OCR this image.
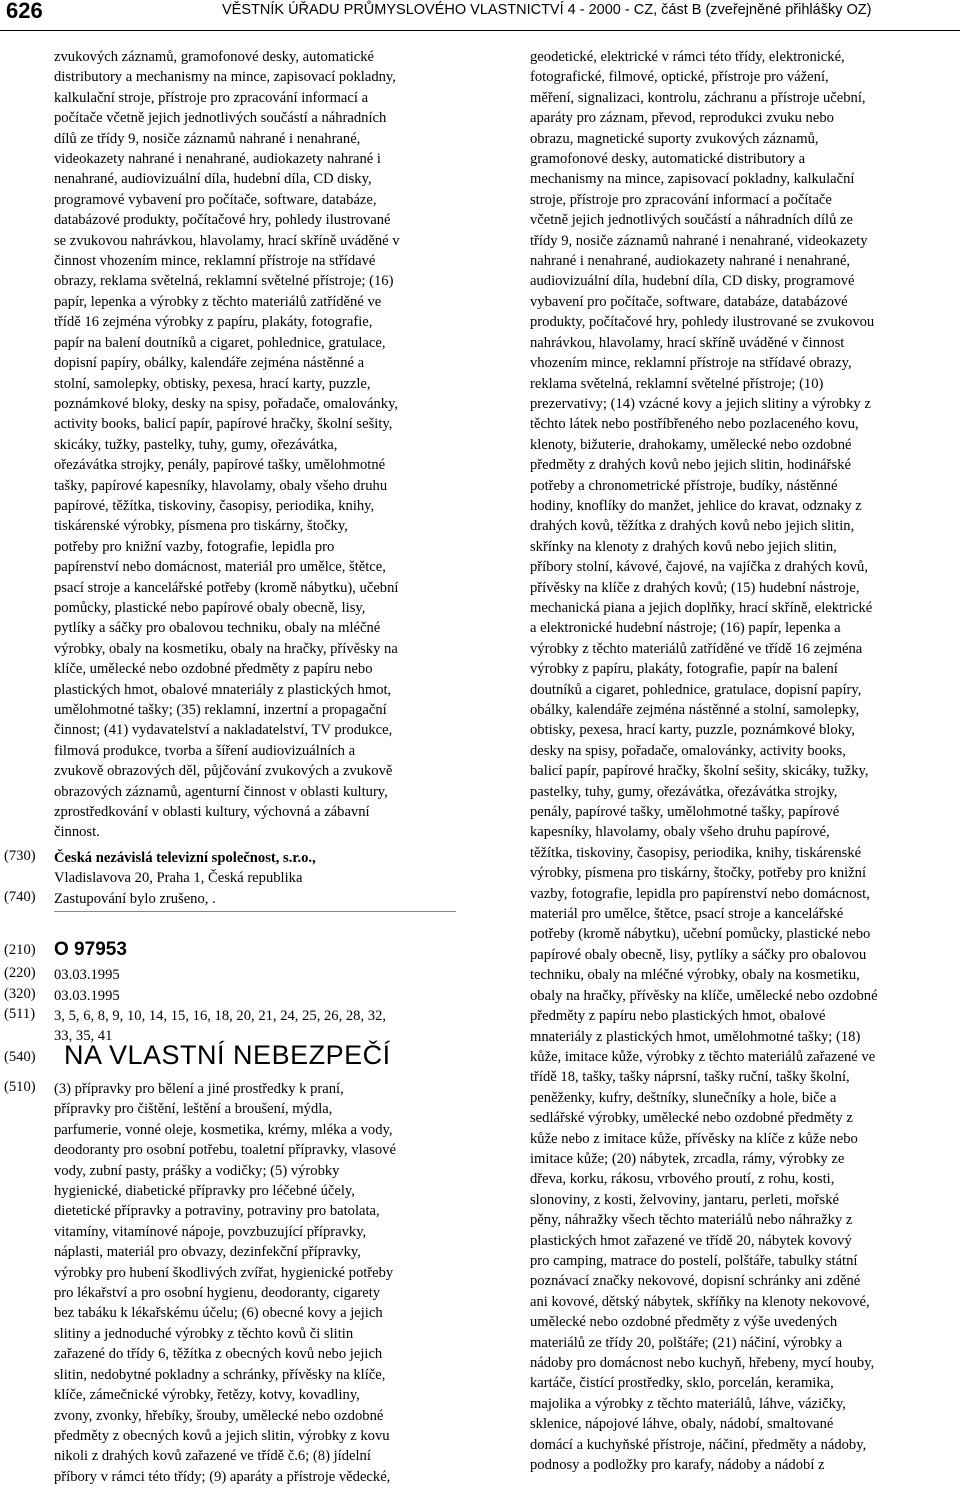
626	VĚSTNÍK ÚŘADU PRŮMYSLOVÉHO VLASTNICTVÍ 4 - 2000 - CZ, část B (zveřejněné přihlášky OZ)
zvukových záznamů, gramofonové desky, automatické
distributory a mechanismy na mince, zapisovací pokladny,
kalkulační stroje, přístroje pro zpracování informací a
počítače včetně jejich jednotlivých součástí a náhradních
dílů ze třídy 9, nosiče záznamů nahrané i nenahrané,
videokazety nahrané i nenahrané, audiokazety nahrané i
nenahrané, audiovizuální díla, hudební díla, CD disky,
programové vybavení pro počítače, software, databáze,
databázové produkty, počítačové hry, pohledy ilustrované
se zvukovou nahrávkou, hlavolamy, hrací skříně uváděné v
činnost vhozením mince, reklamní přístroje na střídavé
obrazy, reklama světelná, reklamní světelné přístroje; (16)
papír, lepenka a výrobky z těchto materiálů zatříděné ve
třídě 16 zejména výrobky z papíru, plakáty, fotografie,
papír na balení doutníků a cigaret, pohlednice, gratulace,
dopisní papíry, obálky, kalendáře zejména nástěnné a
stolní, samolepky, obtisky, pexesa, hrací karty, puzzle,
poznámkové bloky, desky na spisy, pořadače, omalovánky,
activity books, balicí papír, papírové hračky, školní sešity,
skicáky, tužky, pastelky, tuhy, gumy, ořezávátka,
ořezávátka strojky, penály, papírové tašky, umělohmotné
tašky, papírové kapesníky, hlavolamy, obaly všeho druhu
papírové, těžítka, tiskoviny, časopisy, periodika, knihy,
tiskárenské výrobky, písmena pro tiskárny, štočky,
potřeby pro knižní vazby, fotografie, lepidla pro
papírenství nebo domácnost, materiál pro umělce, štětce,
psací stroje a kancelářské potřeby (kromě nábytku), učební
pomůcky, plastické nebo papírové obaly obecně, lisy,
pytlíky a sáčky pro obalovou techniku, obaly na mléčné
výrobky, obaly na kosmetiku, obaly na hračky, přívěsky na
klíče, umělecké nebo ozdobné předměty z papíru nebo
plastických hmot, obalové mnateriály z plastických hmot,
umělohmotné tašky; (35) reklamní, inzertní a propagační
činnost; (41) vydavatelství a nakladatelství, TV produkce,
filmová produkce, tvorba a šíření audiovizuálních a
zvukově obrazových děl, půjčování zvukových a zvukově
obrazových záznamů, agenturní činnost v oblasti kultury,
zprostředkování v oblasti kultury, výchovná a zábavní
činnost.
(730)	Česká nezávislá televizní společnost, s.r.o.,
Vladislavova 20, Praha 1, Česká republika
(740)	Zastupování bylo zrušeno, .
(210) O 97953
(220)	03.03.1995
(320)	03.03.1995
(511)	3, 5, 6, 8, 9, 10, 14, 15, 16, 18, 20, 21, 24, 25, 26, 28, 32,
33, 35, 41
(540)	NA VLASTNÍ NEBEZPEČÍ
(510)	(3) přípravky pro bělení a jiné prostředky k praní,
přípravky pro čištění, leštění a broušení, mýdla,
parfumerie, vonné oleje, kosmetika, krémy, mléka a vody,
deodoranty pro osobní potřebu, toaletní přípravky, vlasové
vody, zubní pasty, prášky a vodičky; (5) výrobky
hygienické, diabetické přípravky pro léčebné účely,
dietetické přípravky a potraviny, potraviny pro batolata,
vitamíny, vitamínové nápoje, povzbuzující přípravky,
náplasti, materiál pro obvazy, dezinfekční přípravky,
výrobky pro hubení škodlivých zvířat, hygienické potřeby
pro lékařství a pro osobní hygienu, deodoranty, cigarety
bez tabáku k lékařskému účelu; (6) obecné kovy a jejich
slitiny a jednoduché výrobky z těchto kovů či slitin
zařazené do třídy 6, těžítka z obecných kovů nebo jejich
slitin, nedobytné pokladny a schránky, přívěsky na klíče,
klíče, zámečnické výrobky, řetězy, kotvy, kovadliny,
zvony, zvonky, hřebíky, šrouby, umělecké nebo ozdobné
předměty z obecných kovů a jejich slitin, výrobky z kovu
nikoli z drahých kovů zařazené ve třídě č.6; (8) jídelní
příbory v rámci této třídy; (9) aparáty a přístroje vědecké,
geodetické, elektrické v rámci této třídy, elektronické,
fotografické, filmové, optické, přístroje pro vážení,
měření, signalizaci, kontrolu, záchranu a přístroje učební,
aparáty pro záznam, převod, reprodukci zvuku nebo
obrazu, magnetické suporty zvukových záznamů,
gramofonové desky, automatické distributory a
mechanismy na mince, zapisovací pokladny, kalkulační
stroje, přístroje pro zpracování informací a počítače
včetně jejich jednotlivých součástí a náhradních dílů ze
třídy 9, nosiče záznamů nahrané i nenahrané, videokazety
nahrané i nenahrané, audiokazety nahrané i nenahrané,
audiovizuální díla, hudební díla, CD disky, programové
vybavení pro počítače, software, databáze, databázové
produkty, počítačové hry, pohledy ilustrované se zvukovou
nahrávkou, hlavolamy, hrací skříně uváděné v činnost
vhozením mince, reklamní přístroje na střídavé obrazy,
reklama světelná, reklamní světelné přístroje; (10)
prezervativy; (14) vzácné kovy a jejich slitiny a výrobky z
těchto látek nebo postříbřeného nebo pozlaceného kovu,
klenoty, bižuterie, drahokamy, umělecké nebo ozdobné
předměty z drahých kovů nebo jejich slitin, hodinářské
potřeby a chronometrické přístroje, budíky, nástěnné
hodiny, knoflíky do manžet, jehlice do kravat, odznaky z
drahých kovů, těžítka z drahých kovů nebo jejich slitin,
skřínky na klenoty z drahých kovů nebo jejich slitin,
příbory stolní, kávové, čajové, na vajíčka z drahých kovů,
přívěsky na klíče z drahých kovů; (15) hudební nástroje,
mechanická piana a jejich doplňky, hrací skříně, elektrické
a elektronické hudební nástroje; (16) papír, lepenka a
výrobky z těchto materiálů zatříděné ve třídě 16 zejména
výrobky z papíru, plakáty, fotografie, papír na balení
doutníků a cigaret, pohlednice, gratulace, dopisní papíry,
obálky, kalendáře zejména nástěnné a stolní, samolepky,
obtisky, pexesa, hrací karty, puzzle, poznámkové bloky,
desky na spisy, pořadače, omalovánky, activity books,
balicí papír, papírové hračky, školní sešity, skicáky, tužky,
pastelky, tuhy, gumy, ořezávátka, ořezávátka strojky,
penály, papírové tašky, umělohmotné tašky, papírové
kapesníky, hlavolamy, obaly všeho druhu papírové,
těžítka, tiskoviny, časopisy, periodika, knihy, tiskárenské
výrobky, písmena pro tiskárny, štočky, potřeby pro knižní
vazby, fotografie, lepidla pro papírenství nebo domácnost,
materiál pro umělce, štětce, psací stroje a kancelářské
potřeby (kromě nábytku), učební pomůcky, plastické nebo
papírové obaly obecně, lisy, pytlíky a sáčky pro obalovou
techniku, obaly na mléčné výrobky, obaly na kosmetiku,
obaly na hračky, přívěsky na klíče, umělecké nebo ozdobné
předměty z papíru nebo plastických hmot, obalové
mnateriály z plastických hmot, umělohmotné tašky; (18)
kůže, imitace kůže, výrobky z těchto materiálů zařazené ve
třídě 18, tašky, tašky náprsní, tašky ruční, tašky školní,
peněženky, kufry, deštníky, slunečníky a hole, biče a
sedlářské výrobky, umělecké nebo ozdobné předměty z
kůže nebo z imitace kůže, přívěsky na klíče z kůže nebo
imitace kůže; (20) nábytek, zrcadla, rámy, výrobky ze
dřeva, korku, rákosu, vrbového proutí, z rohu, kosti,
slonoviny, z kosti, želvoviny, jantaru, perleti, mořské
pěny, náhražky všech těchto materiálů nebo náhražky z
plastických hmot zařazené ve třídě 20, nábytek kovový
pro camping, matrace do postelí, polštáře, tabulky státní
poznávací značky nekovové, dopisní schránky ani zděné
ani kovové, dětský nábytek, skříňky na klenoty nekovové,
umělecké nebo ozdobné předměty z výše uvedených
materiálů ze třídy 20, polštáře; (21) náčiní, výrobky a
nádoby pro domácnost nebo kuchyň, hřebeny, mycí houby,
kartáče, čistící prostředky, sklo, porcelán, keramika,
majolika a výrobky z těchto materiálů, láhve, vázičky,
sklenice, nápojové láhve, obaly, nádobí, smaltované
domácí a kuchyňské přístroje, náčiní, předměty a nádoby,
podnosy a podložky pro karafy, nádoby a nádobí z
